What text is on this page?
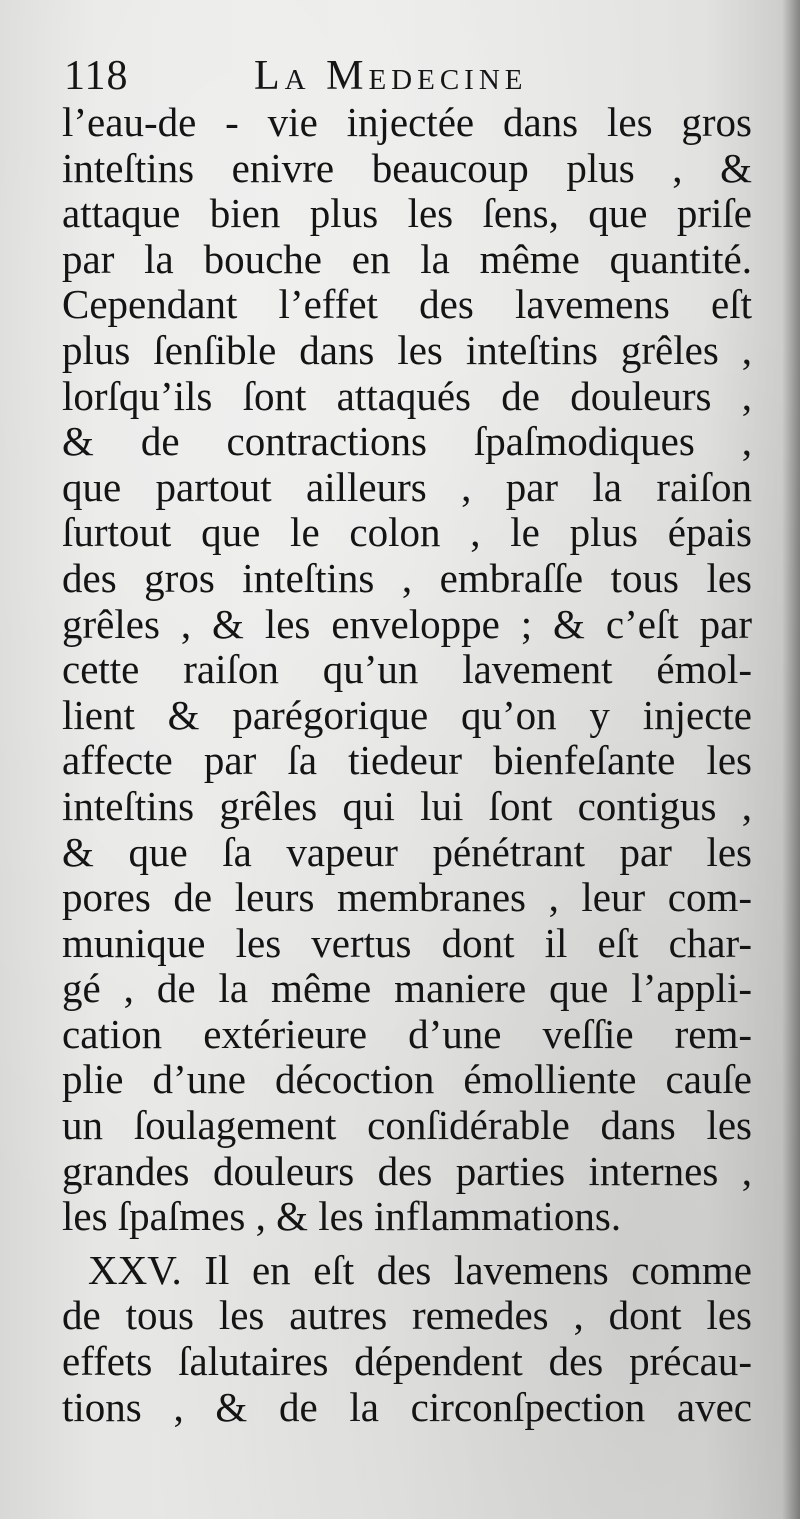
118	La Medecine
l’eau-de - vie injectée dans les gros
inteſtins enivre beaucoup plus , &
attaque bien plus les ſens, que priſe
par la bouche en la même quantité.
Cependant l’effet des lavemens eſt
plus ſenſible dans les inteſtins grêles ,
lorſqu’ils ſont attaqués de douleurs ,
& de contractions ſpaſmodiques ,
que partout ailleurs , par la raiſon
ſurtout que le colon , le plus épais
des gros inteſtins , embraſſe tous les
grêles , & les enveloppe ; & c’eſt par
cette raiſon qu’un lavement émol-
lient & parégorique qu’on y injecte
affecte par ſa tiedeur bienfeſante les
inteſtins grêles qui lui ſont contigus ,
& que ſa vapeur pénétrant par les
pores de leurs membranes , leur com-
munique les vertus dont il eſt char-
gé , de la même maniere que l’appli-
cation extérieure d’une veſſie rem-
plie d’une décoction émolliente cauſe
un ſoulagement conſidérable dans les
grandes douleurs des parties internes ,
les ſpaſmes , & les inflammations.
XXV. Il en eſt des lavemens comme
de tous les autres remedes , dont les
effets ſalutaires dépendent des précau-
tions , & de la circonſpection avec
